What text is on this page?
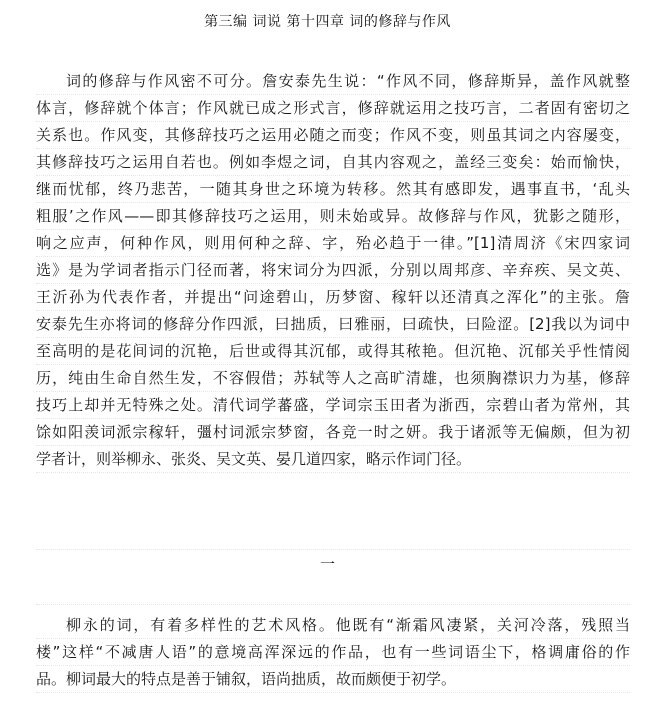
第三编 词说 第十四章 词的修辞与作风
词的修辞与作风密不可分。詹安泰先生说：“作风不同，修辞斯异，盖作风就整
体言，修辞就个体言；作风就已成之形式言，修辞就运用之技巧言，二者固有密切之
关系也。作风变，其修辞技巧之运用必随之而变；作风不变，则虽其词之内容屡变，
其修辞技巧之运用自若也。例如李煜之词，自其内容观之，盖经三变矣：始而愉快，
继而忧郁，终乃悲苦，一随其身世之环境为转移。然其有感即发，遇事直书，‘乱头
粗服’之作风——即其修辞技巧之运用，则未始或异。故修辞与作风，犹影之随形，
响之应声，何种作风，则用何种之辞、字，殆必趋于一律。”[1]清周济《宋四家词
选》是为学词者指示门径而著，将宋词分为四派，分别以周邦彦、辛弃疾、吴文英、
王沂孙为代表作者，并提出“问途碧山，历梦窗、稼轩以还清真之浑化”的主张。詹
安泰先生亦将词的修辞分作四派，曰拙质，曰雅丽，曰疏快，曰险涩。[2]我以为词中
至高明的是花间词的沉艳，后世或得其沉郁，或得其秾艳。但沉艳、沉郁关乎性情阅
历，纯由生命自然生发，不容假借；苏轼等人之高旷清雄，也须胸襟识力为基，修辞
技巧上却并无特殊之处。清代词学蕃盛，学词宗玉田者为浙西，宗碧山者为常州，其
馀如阳羡词派宗稼轩，彊村词派宗梦窗，各竞一时之妍。我于诸派等无偏颇，但为初
学者计，则举柳永、张炎、吴文英、晏几道四家，略示作词门径。
一
柳永的词，有着多样性的艺术风格。他既有“渐霜风凄紧，关河冷落，残照当
楼”这样“不减唐人语”的意境高浑深远的作品，也有一些词语尘下，格调庸俗的作
品。柳词最大的特点是善于铺叙，语尚拙质，故而颇便于初学。
